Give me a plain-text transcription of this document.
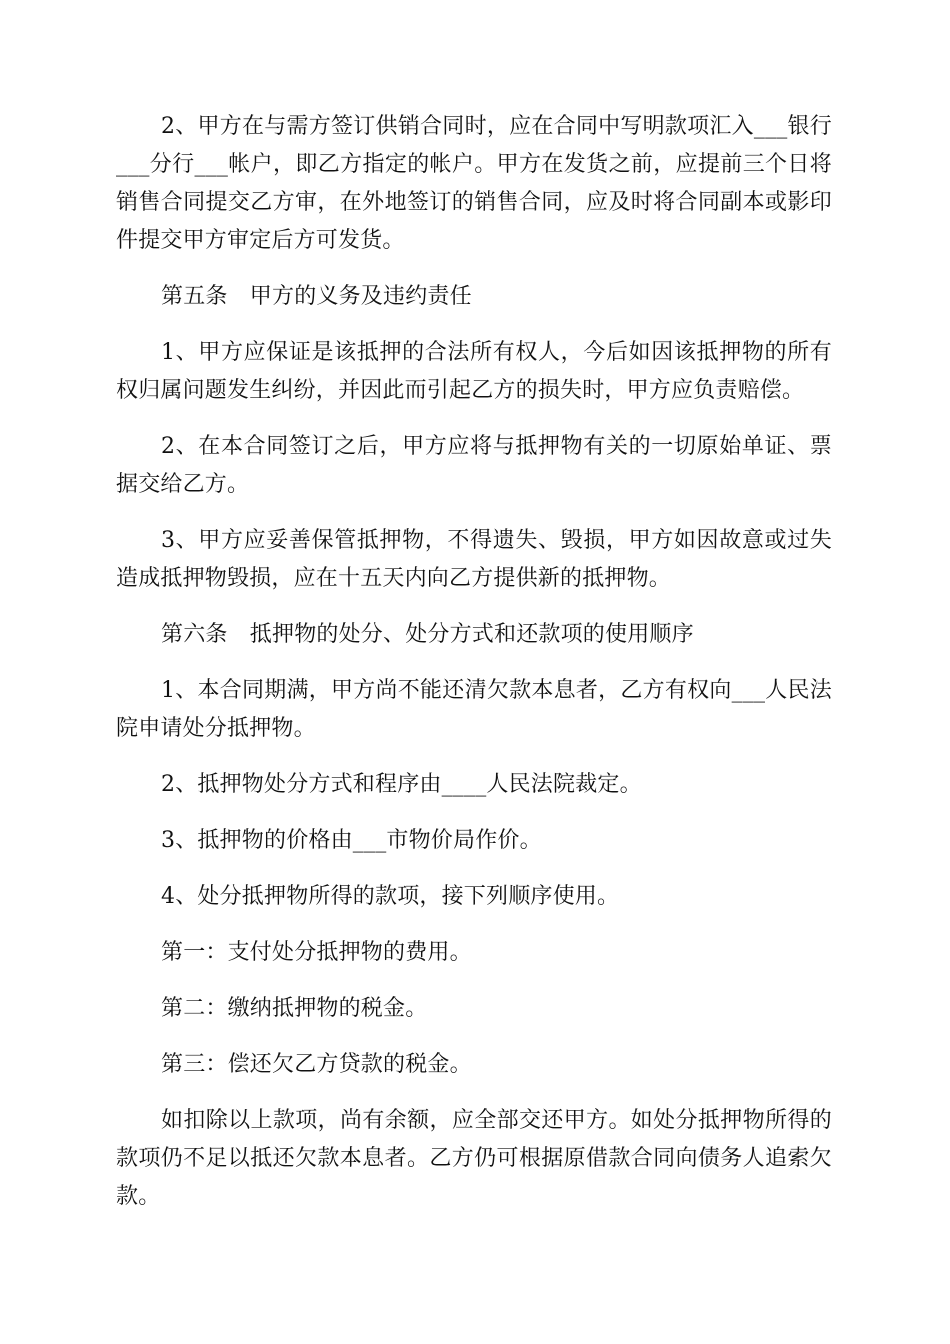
2、甲方在与需方签订供销合同时，应在合同中写明款项汇入___银行___分行___帐户，即乙方指定的帐户。甲方在发货之前，应提前三个日将销售合同提交乙方审，在外地签订的销售合同，应及时将合同副本或影印件提交甲方审定后方可发货。

第五条　甲方的义务及违约责任

1、甲方应保证是该抵押的合法所有权人，今后如因该抵押物的所有权归属问题发生纠纷，并因此而引起乙方的损失时，甲方应负责赔偿。

2、在本合同签订之后，甲方应将与抵押物有关的一切原始单证、票据交给乙方。

3、甲方应妥善保管抵押物，不得遗失、毁损，甲方如因故意或过失造成抵押物毁损，应在十五天内向乙方提供新的抵押物。

第六条　抵押物的处分、处分方式和还款项的使用顺序

1、本合同期满，甲方尚不能还清欠款本息者，乙方有权向___人民法院申请处分抵押物。

2、抵押物处分方式和程序由____人民法院裁定。

3、抵押物的价格由___市物价局作价。

4、处分抵押物所得的款项，接下列顺序使用。

第一：支付处分抵押物的费用。

第二：缴纳抵押物的税金。

第三：偿还欠乙方贷款的税金。

如扣除以上款项，尚有余额，应全部交还甲方。如处分抵押物所得的款项仍不足以抵还欠款本息者。乙方仍可根据原借款合同向债务人追索欠款。
